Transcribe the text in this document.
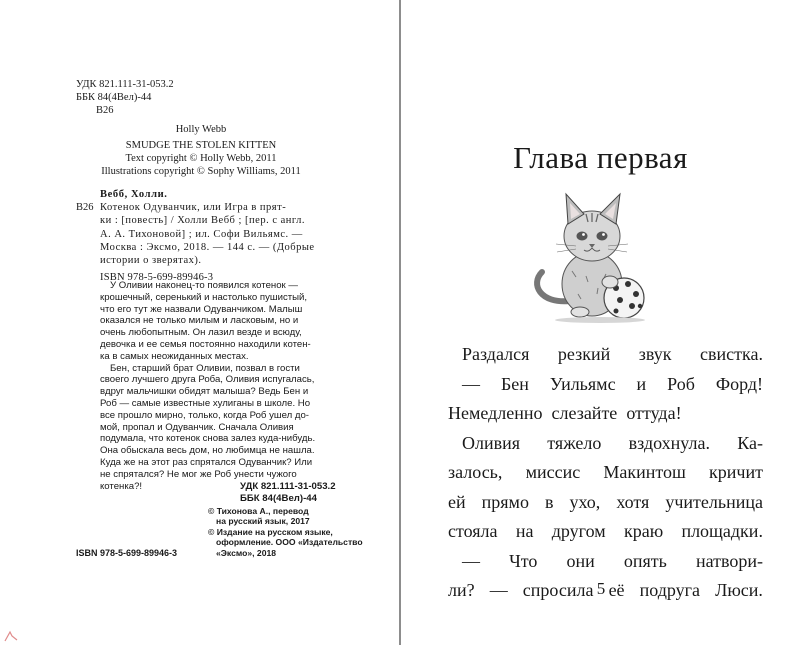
УДК 821.111-31-053.2
ББК 84(4Вел)-44
В26
Holly Webb
SMUDGE THE STOLEN KITTEN
Text copyright © Holly Webb, 2011
Illustrations copyright © Sophy Williams, 2011
Вебб, Холли.
В26 Котенок Одуванчик, или Игра в прят-
ки : [повесть] / Холли Вебб ; [пер. с англ.
А. А. Тихоновой] ; ил. Софи Вильямс. —
Москва : Эксмо, 2018. — 144 с. — (Добрые
истории о зверятах).
ISBN 978-5-699-89946-3
У Оливии наконец-то появился котенок —
крошечный, серенький и настолько пушистый,
что его тут же назвали Одуванчиком. Малыш
оказался не только милым и ласковым, но и
очень любопытным. Он лазил везде и всюду,
девочка и ее семья постоянно находили котен-
ка в самых неожиданных местах.
Бен, старший брат Оливии, позвал в гости
своего лучшего друга Роба, Оливия испугалась,
вдруг мальчишки обидят малыша? Ведь Бен и
Роб — самые известные хулиганы в школе. Но
все прошло мирно, только, когда Роб ушел до-
мой, пропал и Одуванчик. Сначала Оливия
подумала, что котенок снова залез куда-нибудь.
Она обыскала весь дом, но любимца не нашла.
Куда же на этот раз спрятался Одуванчик? Или
не спрятался? Не мог же Роб унести чужого
котенка?!	УДК 821.111-31-053.2
ББК 84(4Вел)-44
© Тихонова А., перевод
на русский язык, 2017
© Издание на русском языке,
оформление. ООО «Издательство
«Эксмо», 2018
ISBN 978-5-699-89946-3
Глава первая
Раздался резкий звук свистка.
— Бен Уильямс и Роб Форд!
Немедленно слезайте оттуда!
Оливия тяжело вздохнула. Ка-
залось, миссис Макинтош кричит
ей прямо в ухо, хотя учительница
стояла на другом краю площадки.
— Что они опять натвори-
ли? — спросила её подруга Люси.
5
